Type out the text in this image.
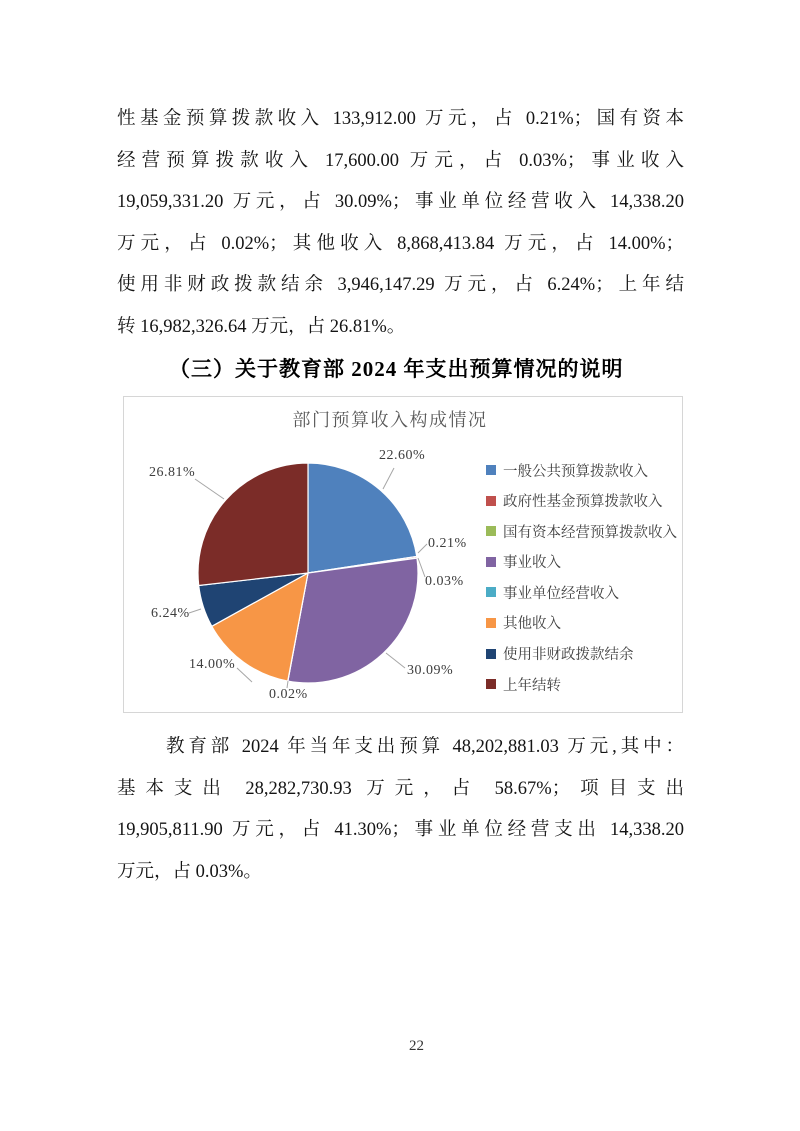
性基金预算拨款收入 133,912.00 万元，占 0.21%；国有资本
经营预算拨款收入 17,600.00 万元，占 0.03%；事业收入
19,059,331.20 万元，占 30.09%；事业单位经营收入 14,338.20
万元，占 0.02%；其他收入 8,868,413.84 万元，占 14.00%；
使用非财政拨款结余 3,946,147.29 万元，占 6.24%；上年结
转 16,982,326.64 万元，占 26.81%。
（三）关于教育部 2024 年支出预算情况的说明
部门预算收入构成情况
22.60%
0.21%
0.03%
30.09%
0.02%
14.00%
6.24%
26.81%	一般公共预算拨款收入
政府性基金预算拨款收入
国有资本经营预算拨款收入
事业收入
事业单位经营收入
其他收入
使用非财政拨款结余
上年结转
教育部 2024 年当年支出预算 48,202,881.03 万元,其中：
基本支出 28,282,730.93 万元，占 58.67%；项目支出
19,905,811.90 万元，占 41.30%；事业单位经营支出 14,338.20
万元，占 0.03%。
22
